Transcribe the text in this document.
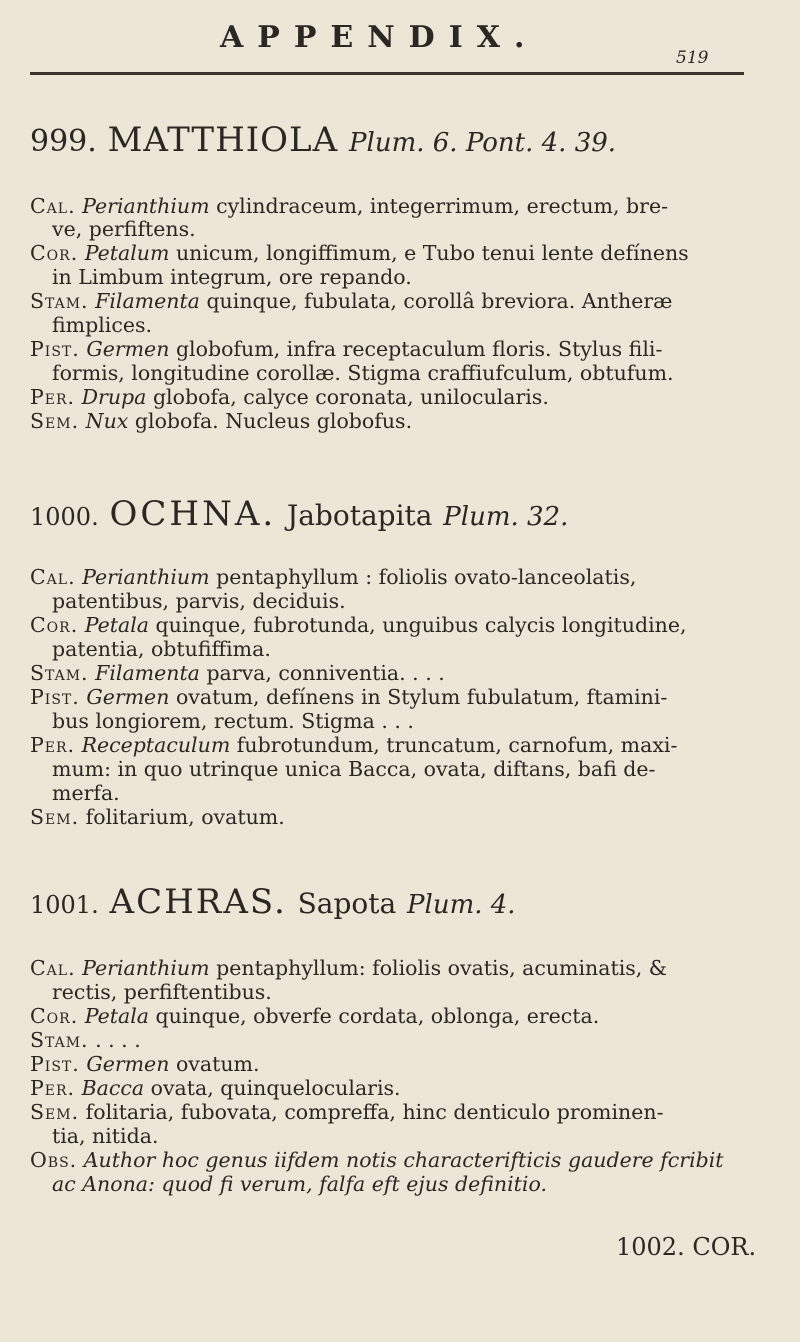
APPENDIX.
519
999. MATTHIOLA Plum. 6. Pont. 4. 39.
Cal. Perianthium cylindraceum, integerrimum, erectum, bre-
ve, perfiftens.
Cor. Petalum unicum, longiffimum, e Tubo tenui lente defínens
in Limbum integrum, ore repando.
Stam. Filamenta quinque, fubulata, corollâ breviora. Antheræ
fimplices.
Pist. Germen globofum, infra receptaculum floris. Stylus fili-
formis, longitudine corollæ. Stigma craffiufculum, obtufum.
Per. Drupa globofa, calyce coronata, unilocularis.
Sem. Nux globofa. Nucleus globofus.
1000. OCHNA. Jabotapita Plum. 32.
Cal. Perianthium pentaphyllum : foliolis ovato-lanceolatis,
patentibus, parvis, deciduis.
Cor. Petala quinque, fubrotunda, unguibus calycis longitudine,
patentia, obtufiffima.
Stam. Filamenta parva, conniventia. . . .
Pist. Germen ovatum, defínens in Stylum fubulatum, ftamini-
bus longiorem, rectum. Stigma . . .
Per. Receptaculum fubrotundum, truncatum, carnofum, maxi-
mum: in quo utrinque unica Bacca, ovata, diftans, bafi de-
merfa.
Sem. folitarium, ovatum.
1001. ACHRAS. Sapota Plum. 4.
Cal. Perianthium pentaphyllum: foliolis ovatis, acuminatis, &
rectis, perfiftentibus.
Cor. Petala quinque, obverfe cordata, oblonga, erecta.
Stam. . . . .
Pist. Germen ovatum.
Per. Bacca ovata, quinquelocularis.
Sem. folitaria, fubovata, compreffa, hinc denticulo prominen-
tia, nitida.
Obs. Author hoc genus iifdem notis characterifticis gaudere fcribit
ac Anona: quod fi verum, falfa eft ejus definitio.
1002. COR.
